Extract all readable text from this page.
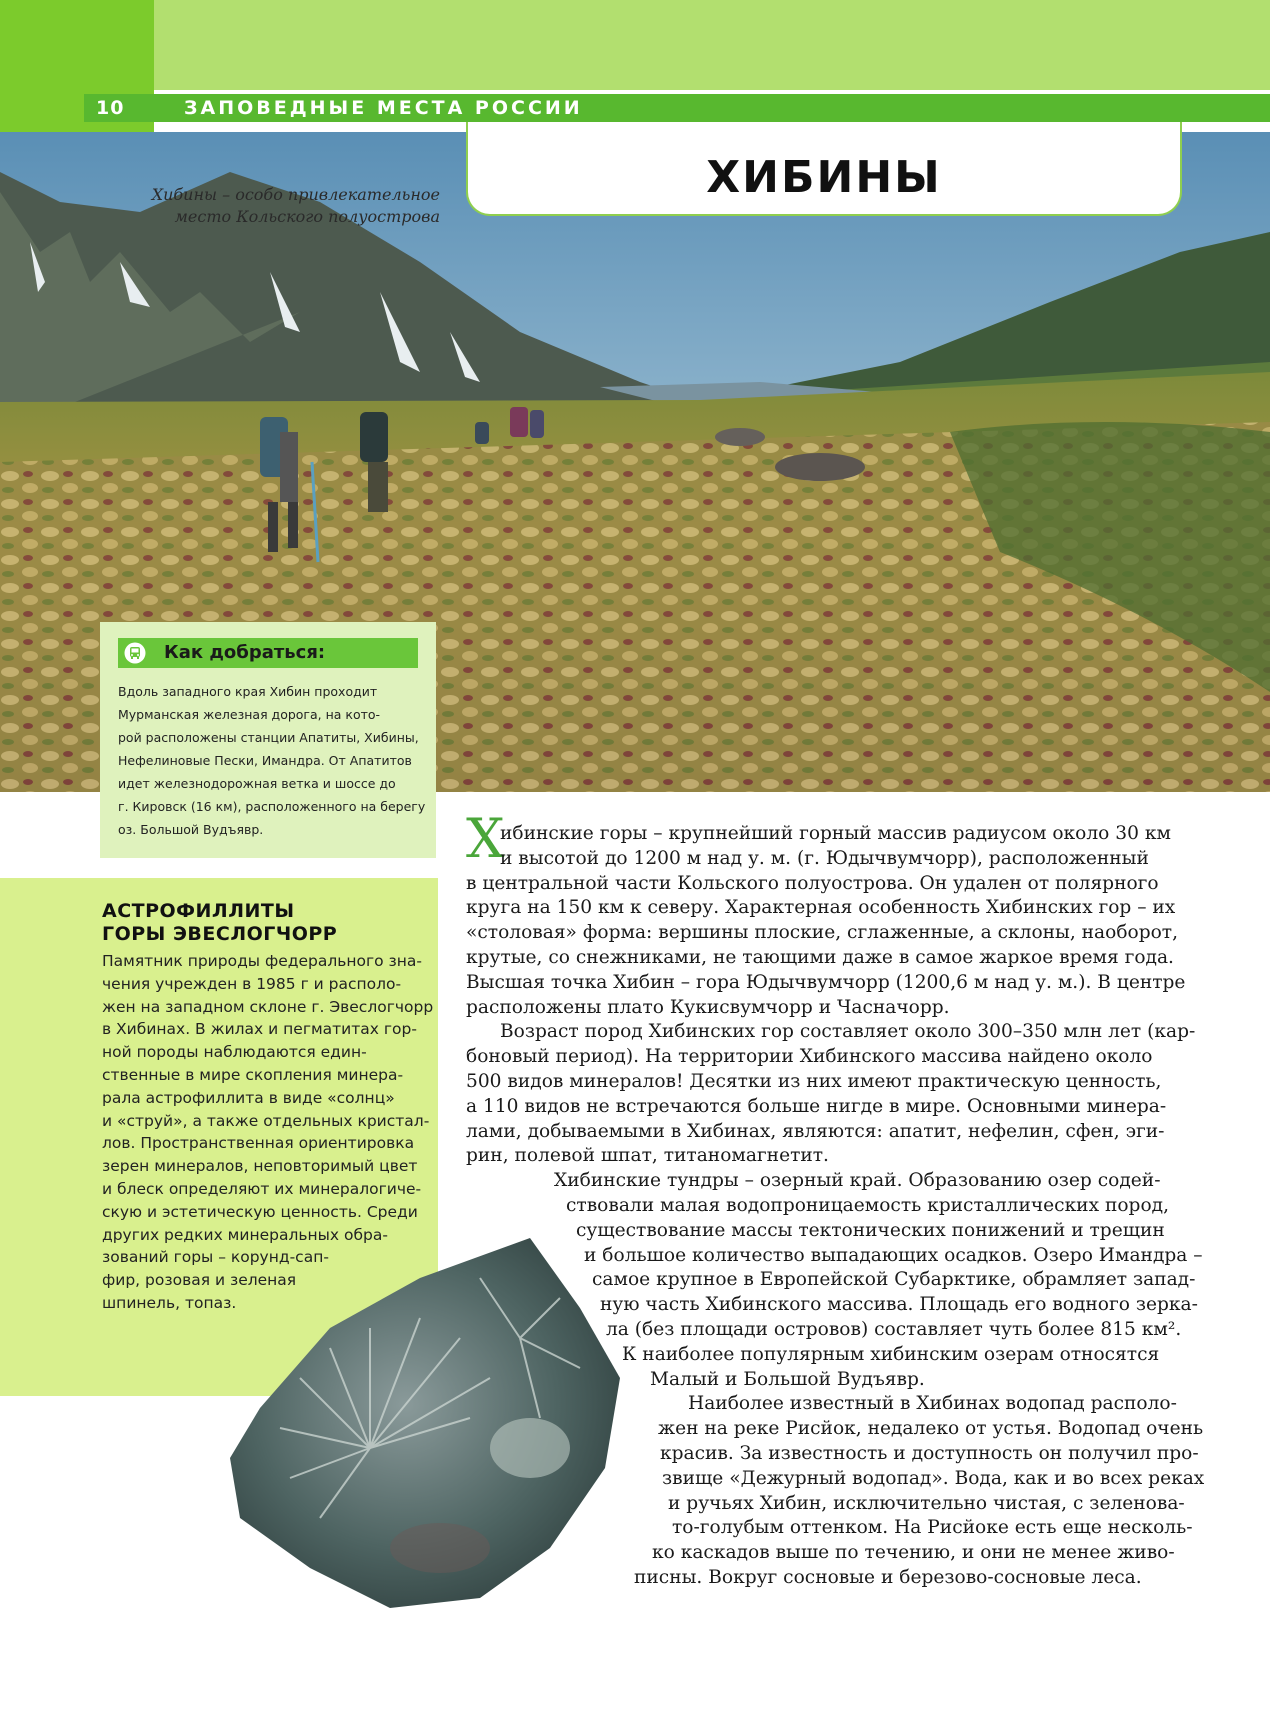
10	ЗАПОВЕДНЫЕ МЕСТА РОССИИ
Хибины – особо привлекательное
место Кольского полуострова
ХИБИНЫ
Как добраться:
Вдоль западного края Хибин проходит
Мурманская железная дорога, на кото-
рой расположены станции Апатиты, Хибины,
Нефелиновые Пески, Имандра. От Апатитов
идет железнодорожная ветка и шоссе до
г. Кировск (16 км), расположенного на берегу
оз. Большой Вудъявр.
АСТРОФИЛЛИТЫ
ГОРЫ ЭВЕСЛОГЧОРР
Памятник природы федерального зна-
чения учрежден в 1985 г и располо-
жен на западном склоне г. Эвеслогчорр
в Хибинах. В жилах и пегматитах гор-
ной породы наблюдаются един-
ственные в мире скопления минера-
рала астрофиллита в виде «солнц»
и «струй», а также отдельных кристал-
лов. Пространственная ориентировка
зерен минералов, неповторимый цвет
и блеск определяют их минералогиче-
скую и эстетическую ценность. Среди
других редких минеральных обра-
зований горы – корунд-сап-
фир, розовая и зеленая
шпинель, топаз.
Х
ибинские горы – крупнейший горный массив радиусом около 30 км
и высотой до 1200 м над у. м. (г. Юдычвумчорр), расположенный
в центральной части Кольского полуострова. Он удален от полярного
круга на 150 км к северу. Характерная особенность Хибинских гор – их
«столовая» форма: вершины плоские, сглаженные, а склоны, наоборот,
крутые, со снежниками, не тающими даже в самое жаркое время года.
Высшая точка Хибин – гора Юдычвумчорр (1200,6 м над у. м.). В центре
расположены плато Кукисвумчорр и Часначорр.
Возраст пород Хибинских гор составляет около 300–350 млн лет (кар-
боновый период). На территории Хибинского массива найдено около
500 видов минералов! Десятки из них имеют практическую ценность,
а 110 видов не встречаются больше нигде в мире. Основными минера-
лами, добываемыми в Хибинах, являются: апатит, нефелин, сфен, эги-
рин, полевой шпат, титаномагнетит.
Хибинские тундры – озерный край. Образованию озер содей-
ствовали малая водопроницаемость кристаллических пород,
существование массы тектонических понижений и трещин
и большое количество выпадающих осадков. Озеро Имандра –
самое крупное в Европейской Субарктике, обрамляет запад-
ную часть Хибинского массива. Площадь его водного зерка-
ла (без площади островов) составляет чуть более 815 км².
К наиболее популярным хибинским озерам относятся
Малый и Большой Вудъявр.
Наиболее известный в Хибинах водопад располо-
жен на реке Рисйок, недалеко от устья. Водопад очень
красив. За известность и доступность он получил про-
звище «Дежурный водопад». Вода, как и во всех реках
и ручьях Хибин, исключительно чистая, с зеленова-
то-голубым оттенком. На Рисйоке есть еще несколь-
ко каскадов выше по течению, и они не менее живо-
писны. Вокруг сосновые и березово-сосновые леса.
